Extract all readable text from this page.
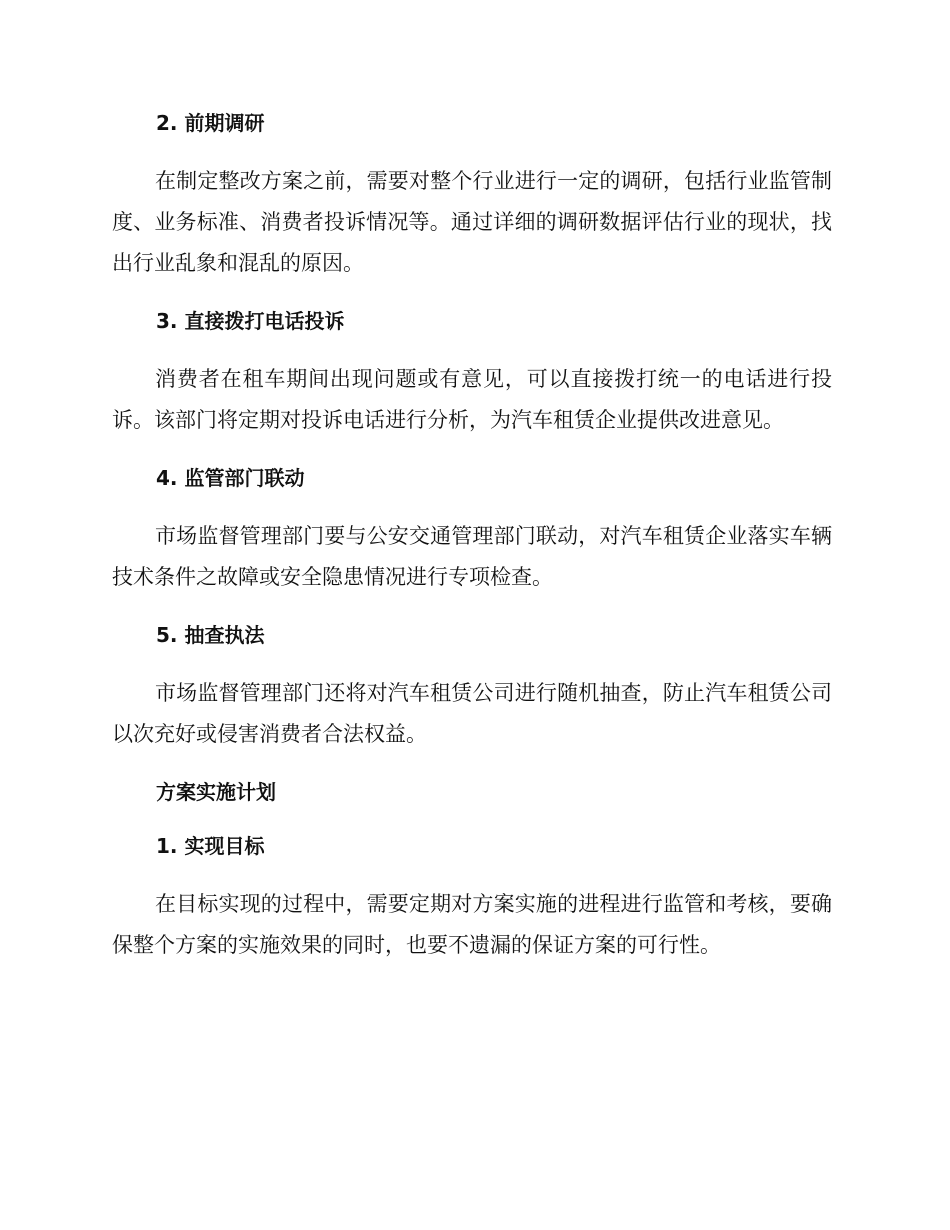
2. 前期调研

在制定整改方案之前，需要对整个行业进行一定的调研，包括行业监管制度、业务标准、消费者投诉情况等。通过详细的调研数据评估行业的现状，找出行业乱象和混乱的原因。

3. 直接拨打电话投诉

消费者在租车期间出现问题或有意见，可以直接拨打统一的电话进行投诉。该部门将定期对投诉电话进行分析，为汽车租赁企业提供改进意见。

4. 监管部门联动

市场监督管理部门要与公安交通管理部门联动，对汽车租赁企业落实车辆技术条件之故障或安全隐患情况进行专项检查。

5. 抽查执法

市场监督管理部门还将对汽车租赁公司进行随机抽查，防止汽车租赁公司以次充好或侵害消费者合法权益。

方案实施计划
1. 实现目标

在目标实现的过程中，需要定期对方案实施的进程进行监管和考核，要确保整个方案的实施效果的同时，也要不遗漏的保证方案的可行性。
